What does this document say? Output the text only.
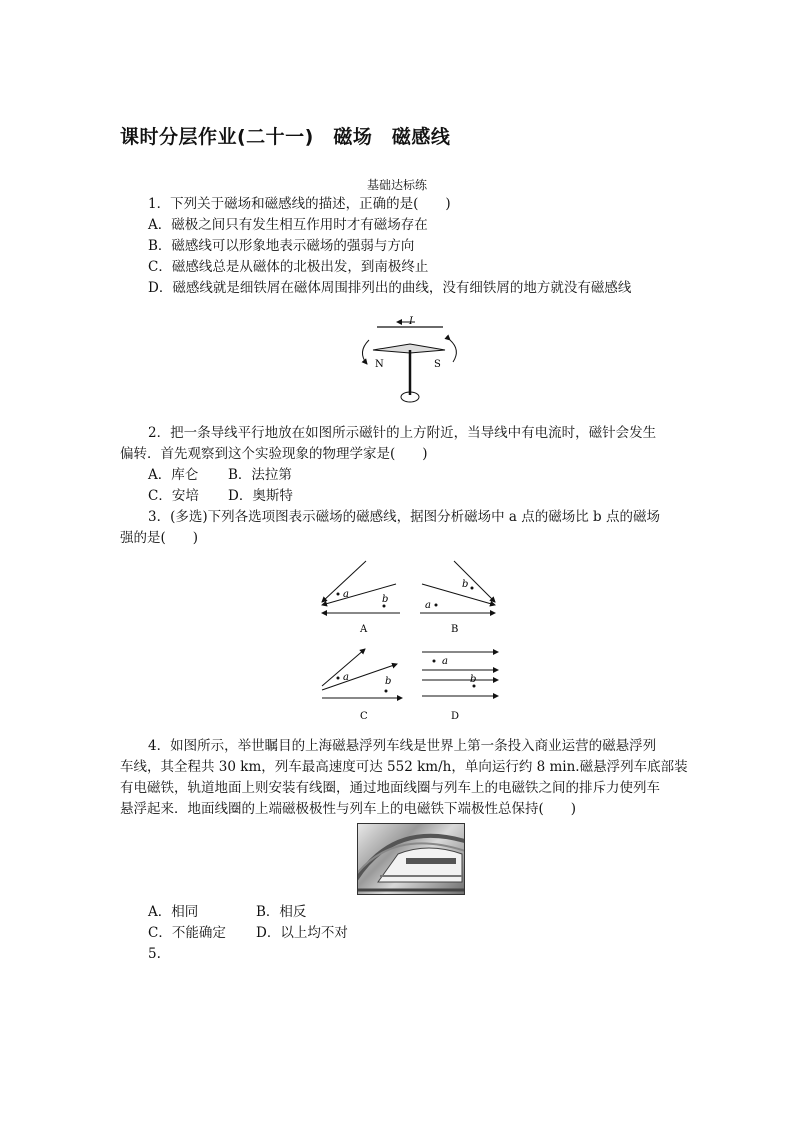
课时分层作业(二十一)　磁场　磁感线
基础达标练
1．下列关于磁场和磁感线的描述，正确的是(　　)
A．磁极之间只有发生相互作用时才有磁场存在
B．磁感线可以形象地表示磁场的强弱与方向
C．磁感线总是从磁体的北极出发，到南极终止
D．磁感线就是细铁屑在磁体周围排列出的曲线，没有细铁屑的地方就没有磁感线
I
N	S
2．把一条导线平行地放在如图所示磁针的上方附近，当导线中有电流时，磁针会发生
偏转．首先观察到这个实验现象的物理学家是(　　)
A．库仑 B．法拉第
C．安培 D．奥斯特
3．(多选)下列各选项图表示磁场的磁感线，据图分析磁场中 a 点的磁场比 b 点的磁场
强的是(　　)
a	b
A
b
a
B
a	b
C
a
b
D
4．如图所示，举世瞩目的上海磁悬浮列车线是世界上第一条投入商业运营的磁悬浮列
车线，其全程共 30 km，列车最高速度可达 552 km/h，单向运行约 8 min.磁悬浮列车底部装
有电磁铁，轨道地面上则安装有线圈，通过地面线圈与列车上的电磁铁之间的排斥力使列车
悬浮起来．地面线圈的上端磁极极性与列车上的电磁铁下端极性总保持(　　)
A．相同	B．相反
C．不能确定 D．以上均不对
5.
